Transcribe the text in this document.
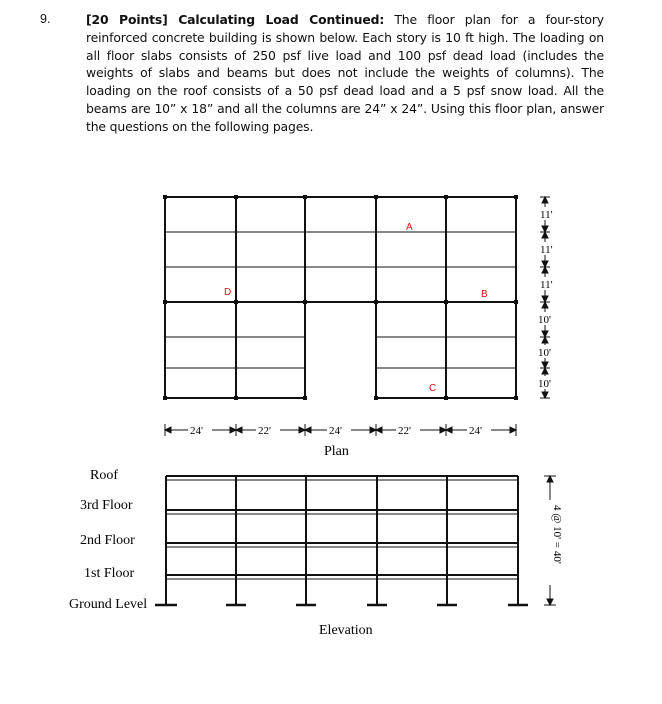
9.	[20 Points] Calculating Load Continued: The floor plan for a four-story reinforced concrete building is shown below. Each story is 10 ft high. The loading on all floor slabs consists of 250 psf live load and 100 psf dead load (includes the weights of slabs and beams but does not include the weights of columns). The loading on the roof consists of a 50 psf dead load and a 5 psf snow load. All the beams are 10” x 18” and all the columns are 24” x 24”. Using this floor plan, answer the questions on the following pages.
A
B
C
D
11'
11'
11'
10'
10'
10'
24'	22'	24'	22'	24'
Plan
4 @ 10' = 40'
Roof
3rd Floor
2nd Floor
1st Floor
Ground Level
Elevation
